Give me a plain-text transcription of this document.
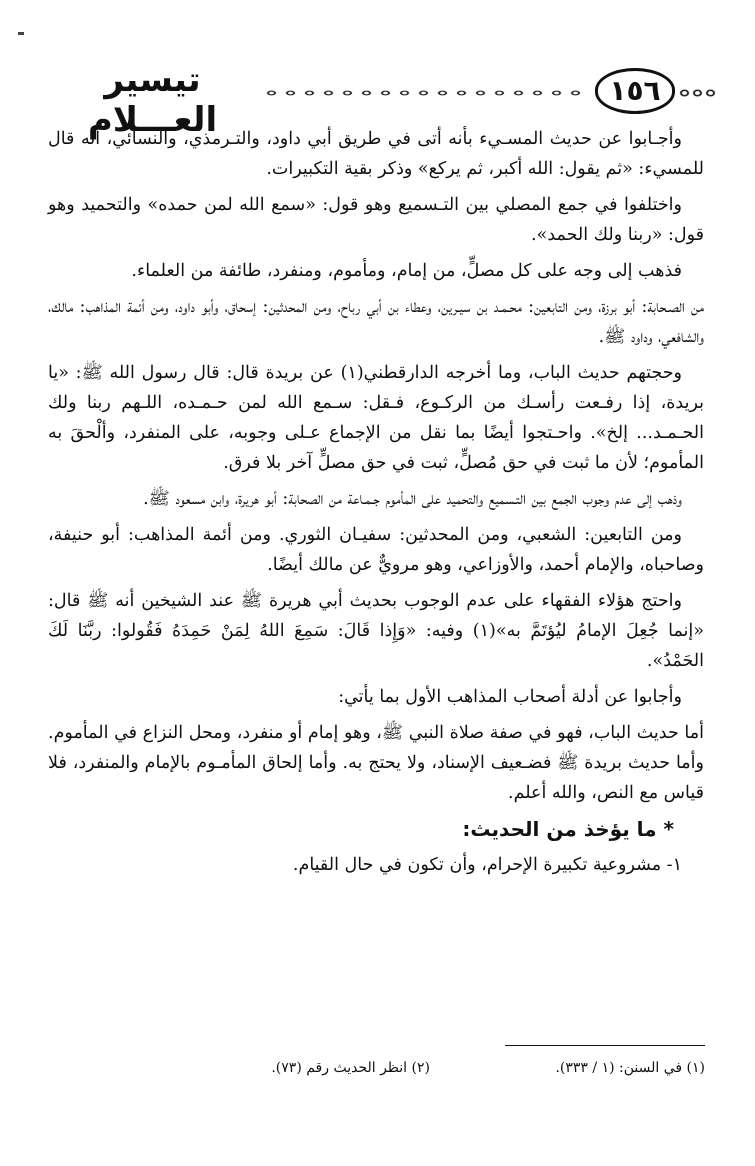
تيسير العـــلام
١٥٦

وأجـابوا عن حديث المسـيء بأنه أتى في طريق أبي داود، والتـرمذي، والنسائي، أنه قال للمسيء: «ثم يقول: الله أكبر، ثم يركع» وذكر بقية التكبيرات.

واختلفوا في جمع المصلي بين التـسميع وهو قول: «سمع الله لمن حمده» والتحميد وهو قول: «ربنا ولك الحمد».

فذهب إلى وجه على كل مصلٍّ، من إمام، ومأموم، ومنفرد، طائفة من العلماء.

من الصـحابة: أبو برزة، ومن التابعين: محـمـد بن سيـرين، وعطاء بن أبي رباح، ومن المحدثين: إسحاق، وأبو داود، ومن أئمة المذاهب: مالك، والشافعي، وداود ﷺ.

وحجتهم حديث الباب، وما أخرجه الدارقطني(١) عن بريدة قال: قال رسول الله ﷺ: «يا بريدة، إذا رفـعت رأسـك من الركـوع، فـقل: سـمع الله لمن حـمـده، اللـهم ربنا ولك الحـمـد... إلخ». واحـتجوا أيضًا بما نقل من الإجماع عـلى وجوبه، على المنفرد، وألْحقَ به المأموم؛ لأن ما ثبت في حق مُصلٍّ، ثبت في حق مصلٍّ آخر بلا فرق.

وذهب إلى عدم وجوب الجمع بين التـسميع والتحميد على المأموم جـمـاعة من الصحابة: أبو هريرة، وابن مسعود ﷺ.

ومن التابعين: الشعبي، ومن المحدثين: سفيـان الثوري. ومن أئمة المذاهب: أبو حنيفة، وصاحباه، والإمام أحمد، والأوزاعي، وهو مرويٌّ عن مالك أيضًا.

واحتج هؤلاء الفقهاء على عدم الوجوب بحديث أبي هريرة ﷺ عند الشيخين أنه ﷺ قال: «إنما جُعِلَ الإمامُ ليُؤتَمَّ به»(١) وفيه: «وَإِذا قَالَ: سَمِعَ اللهُ لِمَنْ حَمِدَهُ فَقُولوا: ربَّنَا لَكَ الحَمْدُ».

وأجابوا عن أدلة أصحاب المذاهب الأول بما يأتي:

أما حديث الباب، فهو في صفة صلاة النبي ﷺ، وهو إمام أو منفرد، ومحل النزاع في المأموم. وأما حديث بريدة ﷺ فضـعيف الإسناد، ولا يحتج به. وأما إلحاق المأمـوم بالإمام والمنفرد، فلا قياس مع النص، والله أعلم.

* ما يؤخذ من الحديث:

١- مشروعية تكبيرة الإحرام، وأن تكون في حال القيام.

(١) في السنن: (١ / ٣٣٣).
(٢) انظر الحديث رقم (٧٣).
